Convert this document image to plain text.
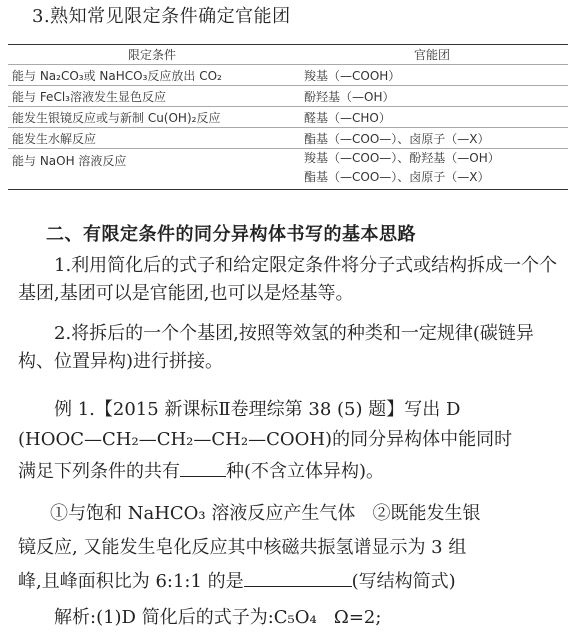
3.熟知常见限定条件确定官能团
限定条件	官能团
能与 Na₂CO₃或 NaHCO₃反应放出 CO₂	羧基（—COOH）
能与 FeCl₃溶液发生显色反应	酚羟基（—OH）
能发生银镜反应或与新制 Cu(OH)₂反应	醛基（—CHO）
能发生水解反应	酯基（—COO—）、卤原子（—X）
能与 NaOH 溶液反应	羧基（—COO—）、酚羟基（—OH）
酯基（—COO—）、卤原子（—X）
二、有限定条件的同分异构体书写的基本思路
1.利用简化后的式子和给定限定条件将分子式或结构拆成一个个基团,基团可以是官能团,也可以是烃基等。
2.将拆后的一个个基团,按照等效氢的种类和一定规律(碳链异构、位置异构)进行拼接。
例 1.【2015 新课标Ⅱ卷理综第 38 (5) 题】写出 D
(HOOC—CH₂—CH₂—CH₂—COOH)的同分异构体中能同时
满足下列条件的共有	种(不含立体异构)。
①与饱和 NaHCO₃ 溶液反应产生气体   ②既能发生银
镜反应, 又能发生皂化反应其中核磁共振氢谱显示为 3 组
峰,且峰面积比为 6:1:1 的是	(写结构简式)
解析:(1)D 简化后的式子为:C₅O₄   Ω=2;
